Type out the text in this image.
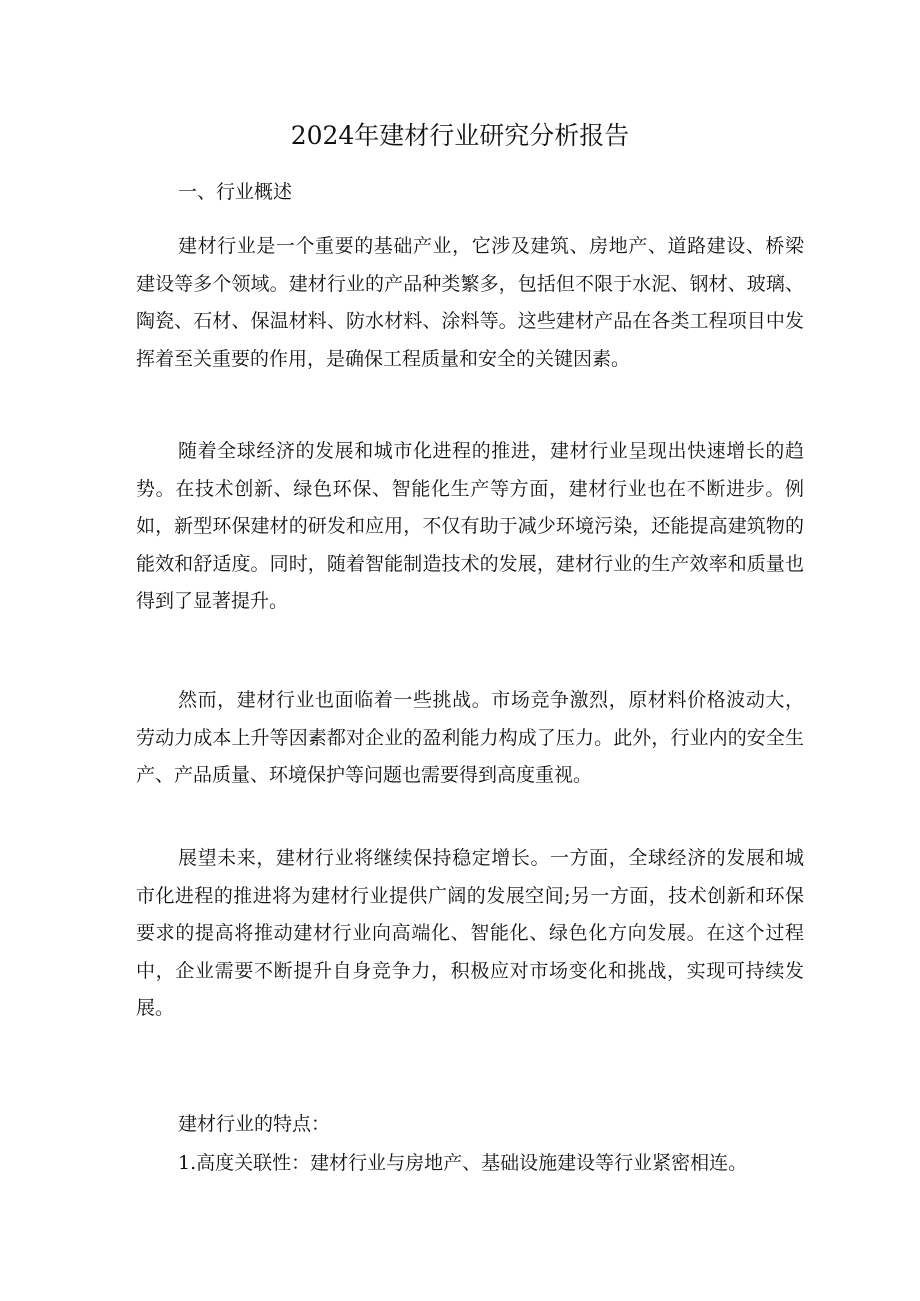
2024年建材行业研究分析报告

一、行业概述

建材行业是一个重要的基础产业，它涉及建筑、房地产、道路建设、桥梁建设等多个领域。建材行业的产品种类繁多，包括但不限于水泥、钢材、玻璃、陶瓷、石材、保温材料、防水材料、涂料等。这些建材产品在各类工程项目中发挥着至关重要的作用，是确保工程质量和安全的关键因素。

随着全球经济的发展和城市化进程的推进，建材行业呈现出快速增长的趋势。在技术创新、绿色环保、智能化生产等方面，建材行业也在不断进步。例如，新型环保建材的研发和应用，不仅有助于减少环境污染，还能提高建筑物的能效和舒适度。同时，随着智能制造技术的发展，建材行业的生产效率和质量也得到了显著提升。

然而，建材行业也面临着一些挑战。市场竞争激烈，原材料价格波动大，劳动力成本上升等因素都对企业的盈利能力构成了压力。此外，行业内的安全生产、产品质量、环境保护等问题也需要得到高度重视。

展望未来，建材行业将继续保持稳定增长。一方面，全球经济的发展和城市化进程的推进将为建材行业提供广阔的发展空间;另一方面，技术创新和环保要求的提高将推动建材行业向高端化、智能化、绿色化方向发展。在这个过程中，企业需要不断提升自身竞争力，积极应对市场变化和挑战，实现可持续发展。

建材行业的特点：

1.高度关联性：建材行业与房地产、基础设施建设等行业紧密相连。
